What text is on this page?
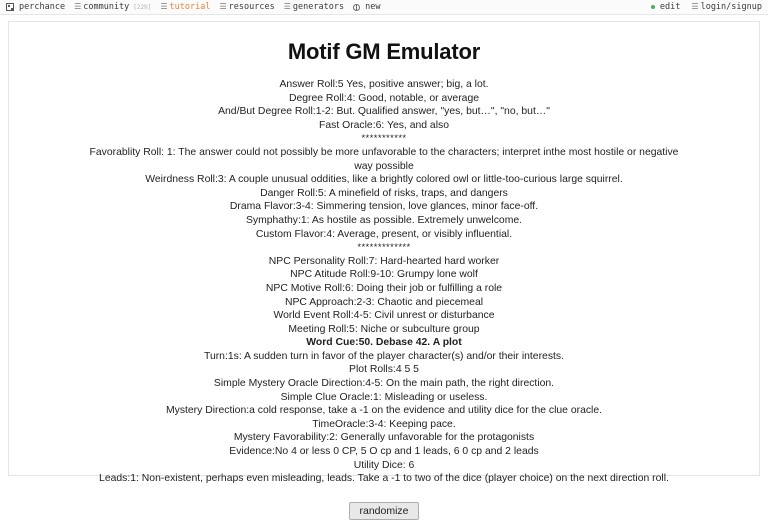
perchance ☰ community [22h] ☰ tutorial ☰ resources ☰ generators new	edit ☰ login/signup
Motif GM Emulator
Answer Roll:5 Yes, positive answer; big, a lot.
Degree Roll:4: Good, notable, or average
And/But Degree Roll:1-2: But. Qualified answer, "yes, but…", "no, but…"
Fast Oracle:6: Yes, and also
***********
Favorablity Roll: 1: The answer could not possibly be more unfavorable to the characters; interpret inthe most hostile or negative way possible
Weirdness Roll:3: A couple unusual oddities, like a brightly colored owl or little-too-curious large squirrel.
Danger Roll:5: A minefield of risks, traps, and dangers
Drama Flavor:3-4: Simmering tension, love glances, minor face-off.
Symphathy:1: As hostile as possible. Extremely unwelcome.
Custom Flavor:4: Average, present, or visibly influential.
*************
NPC Personality Roll:7: Hard-hearted hard worker
NPC Atitude Roll:9-10: Grumpy lone wolf
NPC Motive Roll:6: Doing their job or fulfilling a role
NPC Approach:2-3: Chaotic and piecemeal
World Event Roll:4-5: Civil unrest or disturbance
Meeting Roll:5: Niche or subculture group
Word Cue:50. Debase 42. A plot
Turn:1s: A sudden turn in favor of the player character(s) and/or their interests.
Plot Rolls:4 5 5
Simple Mystery Oracle Direction:4-5: On the main path, the right direction.
Simple Clue Oracle:1: Misleading or useless.
Mystery Direction:a cold response, take a -1 on the evidence and utility dice for the clue oracle.
TimeOracle:3-4: Keeping pace.
Mystery Favorability:2: Generally unfavorable for the protagonists
Evidence:No 4 or less 0 CP, 5 O cp and 1 leads, 6 0 cp and 2 leads
Utility Dice: 6
Leads:1: Non-existent, perhaps even misleading, leads. Take a -1 to two of the dice (player choice) on the next direction roll.
randomize
